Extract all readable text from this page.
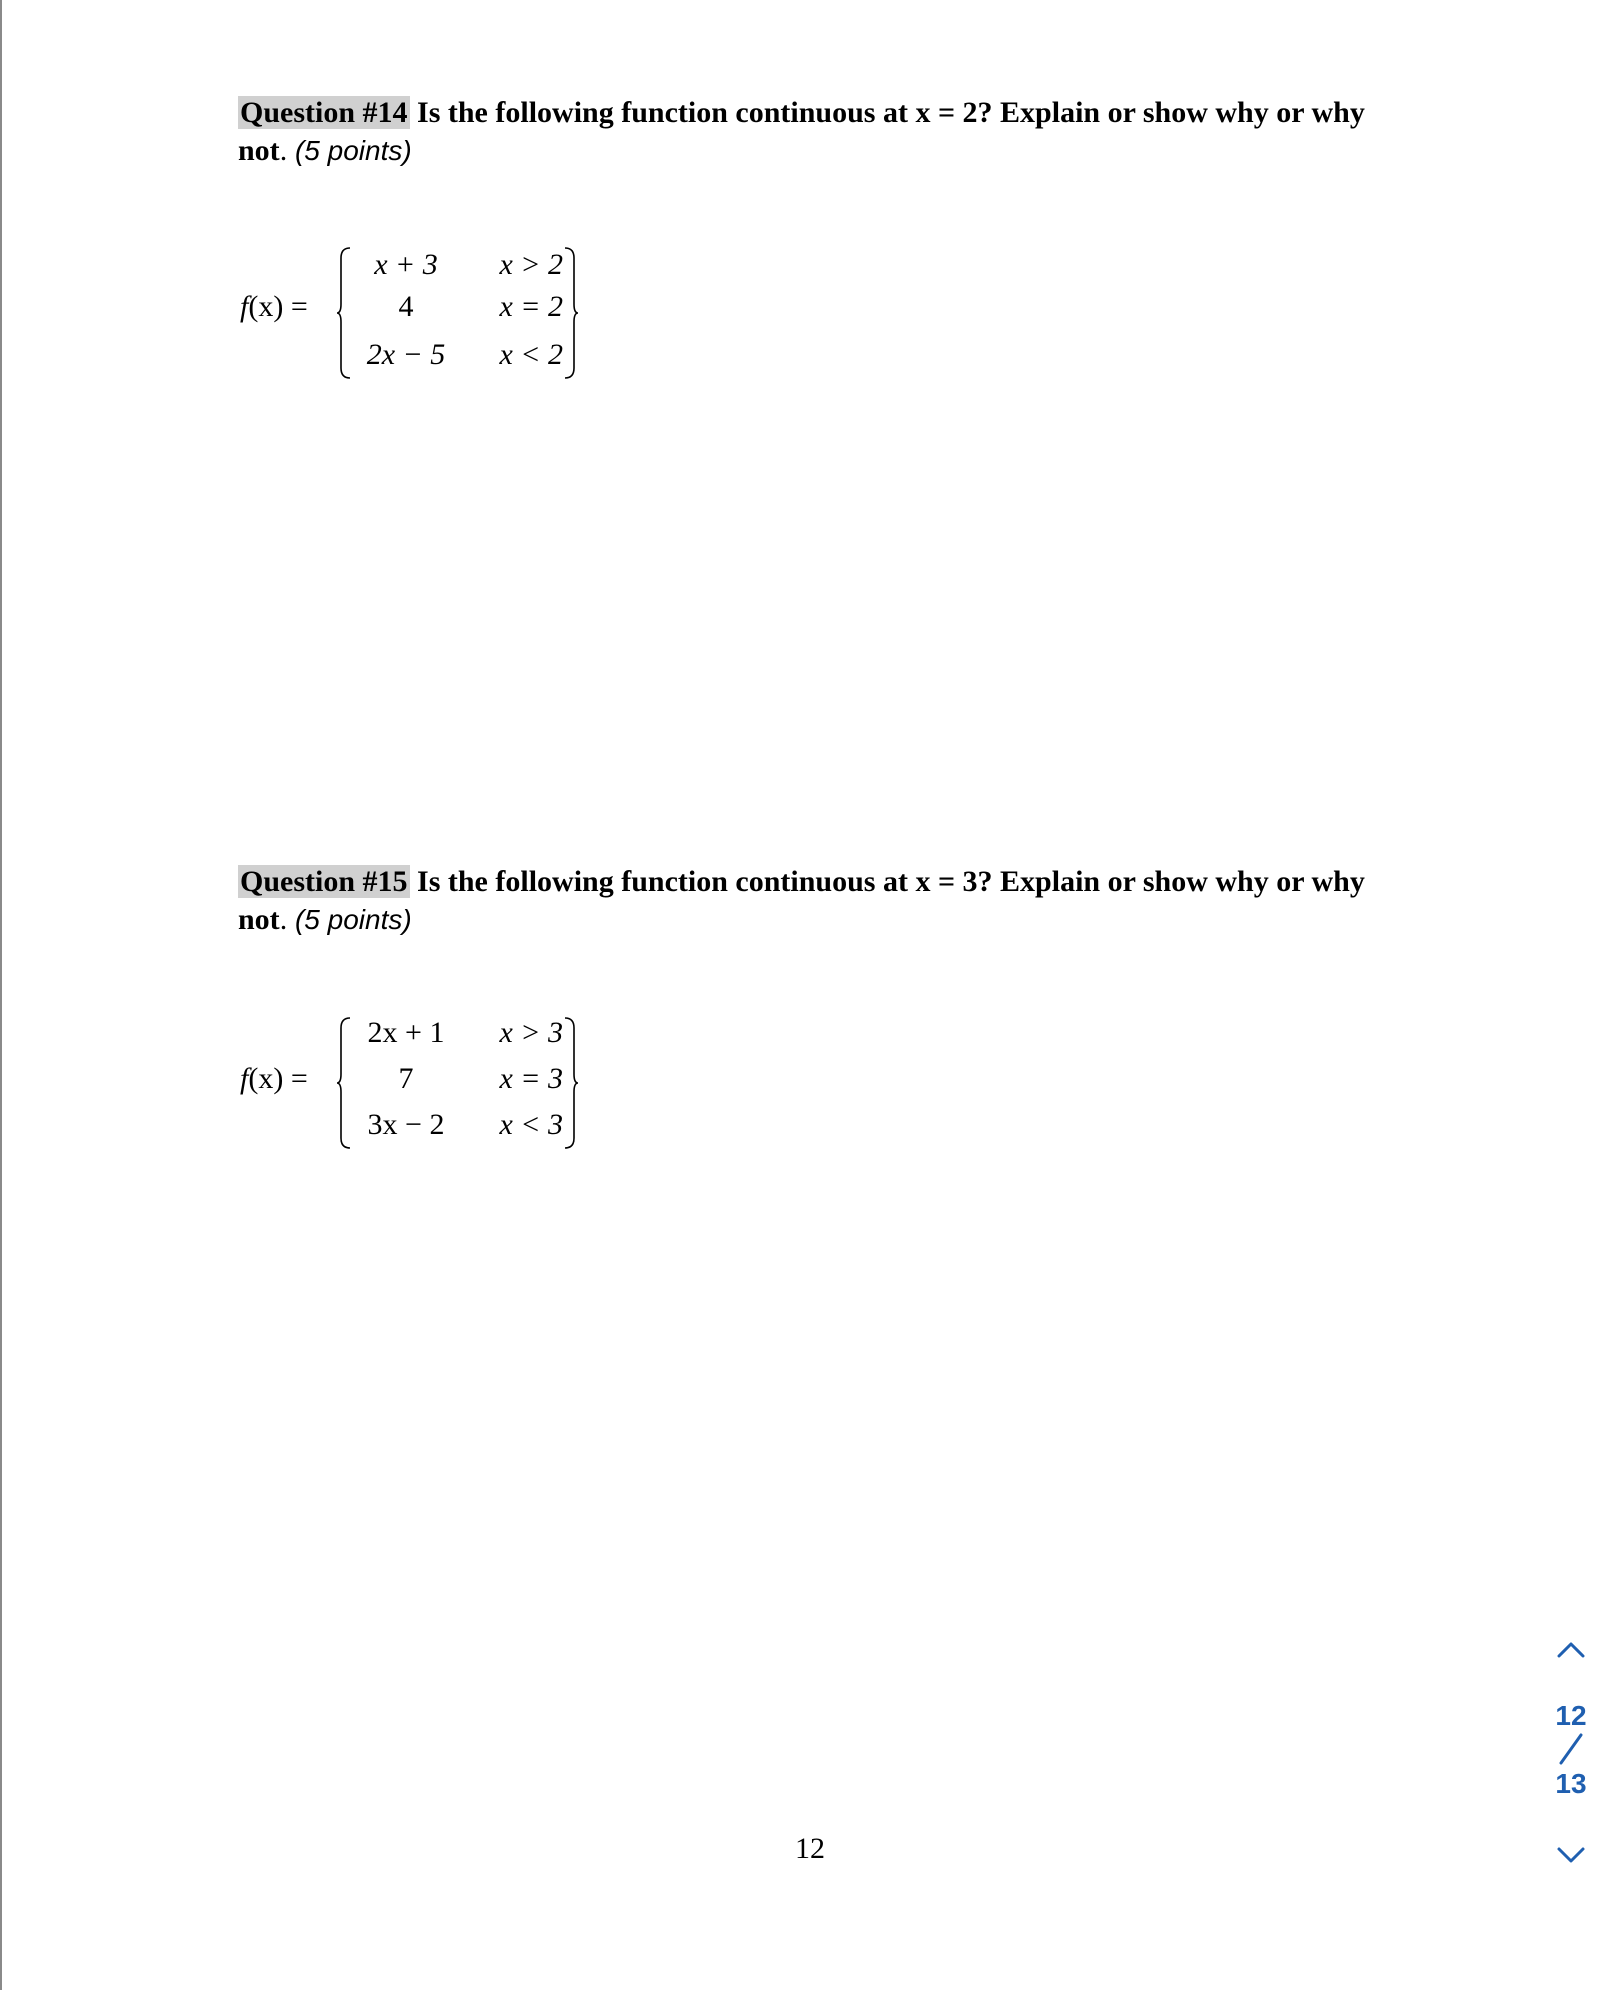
Question #14 Is the following function continuous at x = 2? Explain or show why or why not. (5 points)
f(x) =
x + 3
4
2x − 5
x > 2
x = 2
x < 2
Question #15 Is the following function continuous at x = 3? Explain or show why or why not. (5 points)
f(x) =
2x + 1
7
3x − 2
x > 3
x = 3
x < 3
12
12
13
